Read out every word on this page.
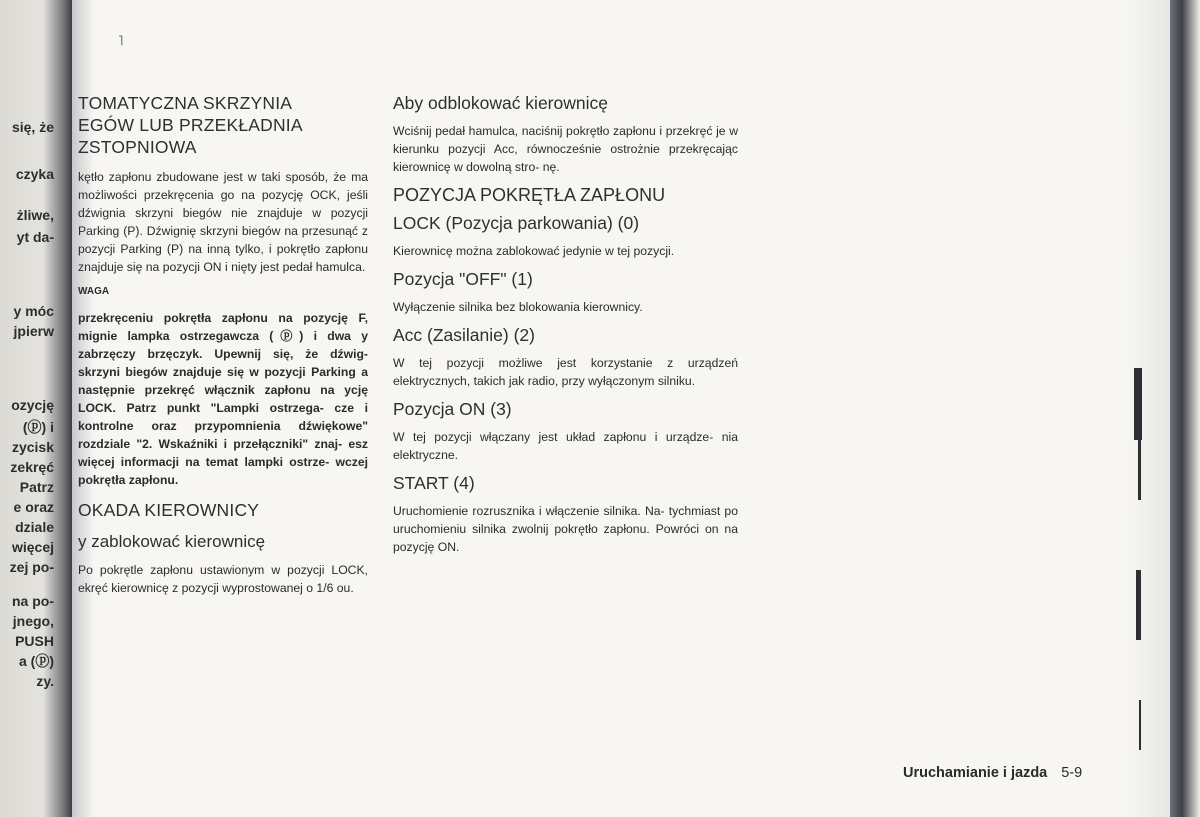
się, że
czyka
żliwe,
yt da-
y móc
jpierw
ozycję
(ⓟ) i
zycisk
zekręć
Patrz
e oraz
dziale
więcej
zej po-
na po-
jnego,
PUSH
a (ⓟ)
zy.
˥
TOMATYCZNA SKRZYNIA
EGÓW LUB PRZEKŁADNIA
ZSTOPNIOWA

kętło zapłonu zbudowane jest w taki sposób, że ma możliwości przekręcenia go na pozycję OCK, jeśli dźwignia skrzyni biegów nie znajduje w pozycji Parking (P). Dźwignię skrzyni biegów na przesunąć z pozycji Parking (P) na inną tylko, i pokrętło zapłonu znajduje się na pozycji ON i nięty jest pedał hamulca.

WAGA

przekręceniu pokrętła zapłonu na pozycję F, mignie lampka ostrzegawcza (ⓟ) i dwa y zabrzęczy brzęczyk. Upewnij się, że dźwig- skrzyni biegów znajduje się w pozycji Parking a następnie przekręć włącznik zapłonu na ycję LOCK. Patrz punkt "Lampki ostrzega- cze i kontrolne oraz przypomnienia dźwiękowe" rozdziale "2. Wskaźniki i przełączniki" znaj- esz więcej informacji na temat lampki ostrze- wczej pokrętła zapłonu.

OKADA KIEROWNICY
y zablokować kierownicę

Po pokrętle zapłonu ustawionym w pozycji LOCK, ekręć kierownicę z pozycji wyprostowanej o 1/6 ou.

Aby odblokować kierownicę

Wciśnij pedał hamulca, naciśnij pokrętło zapłonu i przekręć je w kierunku pozycji Acc, równocześnie ostrożnie przekręcając kierownicę w dowolną stro- nę.

POZYCJA POKRĘTŁA ZAPŁONU
LOCK (Pozycja parkowania) (0)

Kierownicę można zablokować jedynie w tej pozycji.

Pozycja "OFF" (1)

Wyłączenie silnika bez blokowania kierownicy.

Acc (Zasilanie) (2)

W tej pozycji możliwe jest korzystanie z urządzeń elektrycznych, takich jak radio, przy wyłączonym silniku.

Pozycja ON (3)

W tej pozycji włączany jest układ zapłonu i urządze- nia elektryczne.

START (4)

Uruchomienie rozrusznika i włączenie silnika. Na- tychmiast po uruchomieniu silnika zwolnij pokrętło zapłonu. Powróci on na pozycję ON.

Uruchamianie i jazda 5-9
